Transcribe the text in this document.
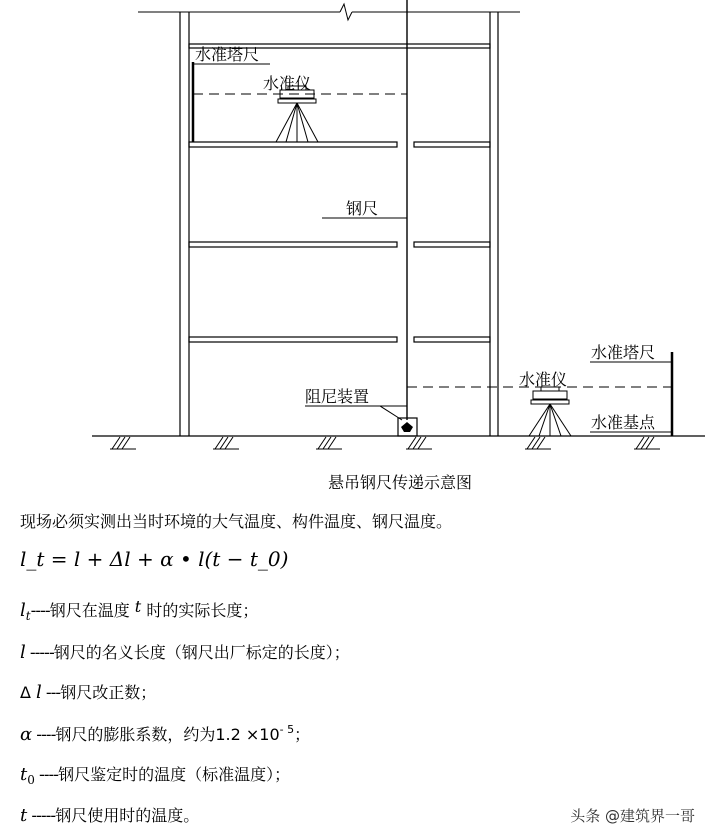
水准塔尺
水准仪
钢尺
阻尼装置
水准仪
水准塔尺
水准基点
悬吊钢尺传递示意图
现场必须实测出当时环境的大气温度、构件温度、钢尺温度。
l_t = l + Δl + α • l(t − t_0)
$l_t----$钢尺在温度 t 时的实际长度；
l -----钢尺的名义长度（钢尺出厂标定的长度）；
Δ l ---钢尺改正数；
α ----钢尺的膨胀系数，约为$1.2 \times 10^{- 5}$；
$t_0$ ----钢尺鉴定时的温度（标准温度）；
t -----钢尺使用时的温度。	头条 @建筑界一哥
